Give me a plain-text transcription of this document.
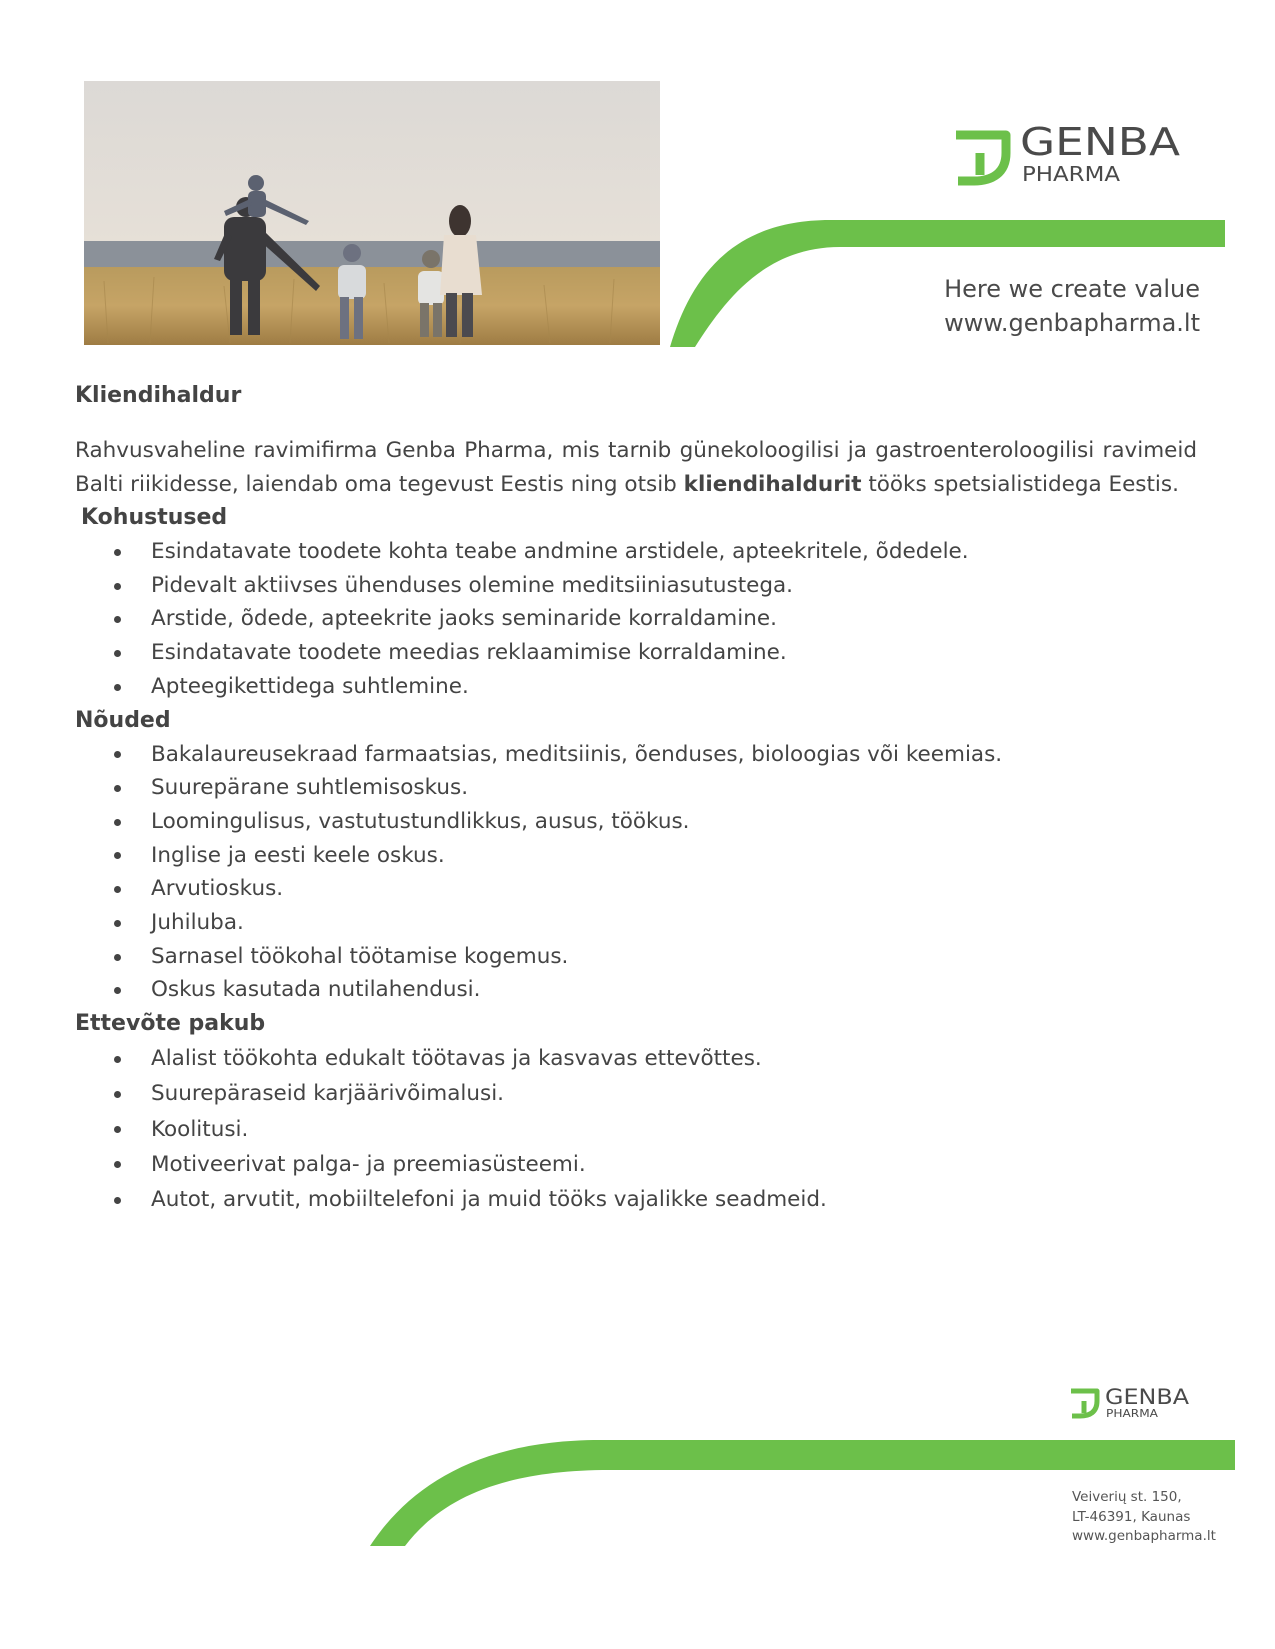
GENBA
PHARMA
Here we create value
www.genbapharma.lt
Kliendihaldur

Rahvusvaheline ravimifirma Genba Pharma, mis tarnib günekoloogilisi ja gastroenteroloogilisi ravimeid Balti riikidesse, laiendab oma tegevust Eestis ning otsib kliendihaldurit tööks spetsialistidega Eestis.

Kohustused
Esindatavate toodete kohta teabe andmine arstidele, apteekritele, õdedele.
Pidevalt aktiivses ühenduses olemine meditsiiniasutustega.
Arstide, õdede, apteekrite jaoks seminaride korraldamine.
Esindatavate toodete meedias reklaamimise korraldamine.
Apteegikettidega suhtlemine.
Nõuded
Bakalaureusekraad farmaatsias, meditsiinis, õenduses, bioloogias või keemias.
Suurepärane suhtlemisoskus.
Loomingulisus, vastutustundlikkus, ausus, töökus.
Inglise ja eesti keele oskus.
Arvutioskus.
Juhiluba.
Sarnasel töökohal töötamise kogemus.
Oskus kasutada nutilahendusi.
Ettevõte pakub
Alalist töökohta edukalt töötavas ja kasvavas ettevõttes.
Suurepäraseid karjäärivõimalusi.
Koolitusi.
Motiveerivat palga- ja preemiasüsteemi.
Autot, arvutit, mobiiltelefoni ja muid tööks vajalikke seadmeid.
GENBA
PHARMA
Veiverių st. 150,
LT-46391, Kaunas
www.genbapharma.lt
